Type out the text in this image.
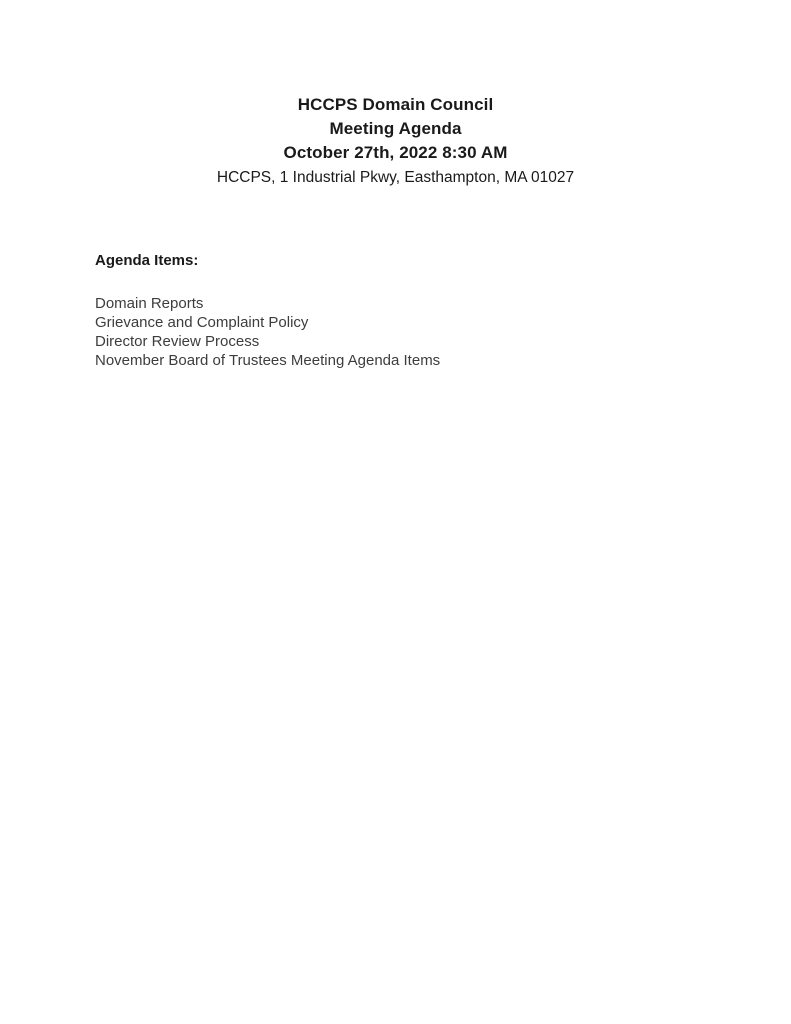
HCCPS Domain Council
Meeting Agenda
October 27th, 2022 8:30 AM
HCCPS, 1 Industrial Pkwy, Easthampton, MA 01027
Agenda Items:
Domain Reports
Grievance and Complaint Policy
Director Review Process
November Board of Trustees Meeting Agenda Items
